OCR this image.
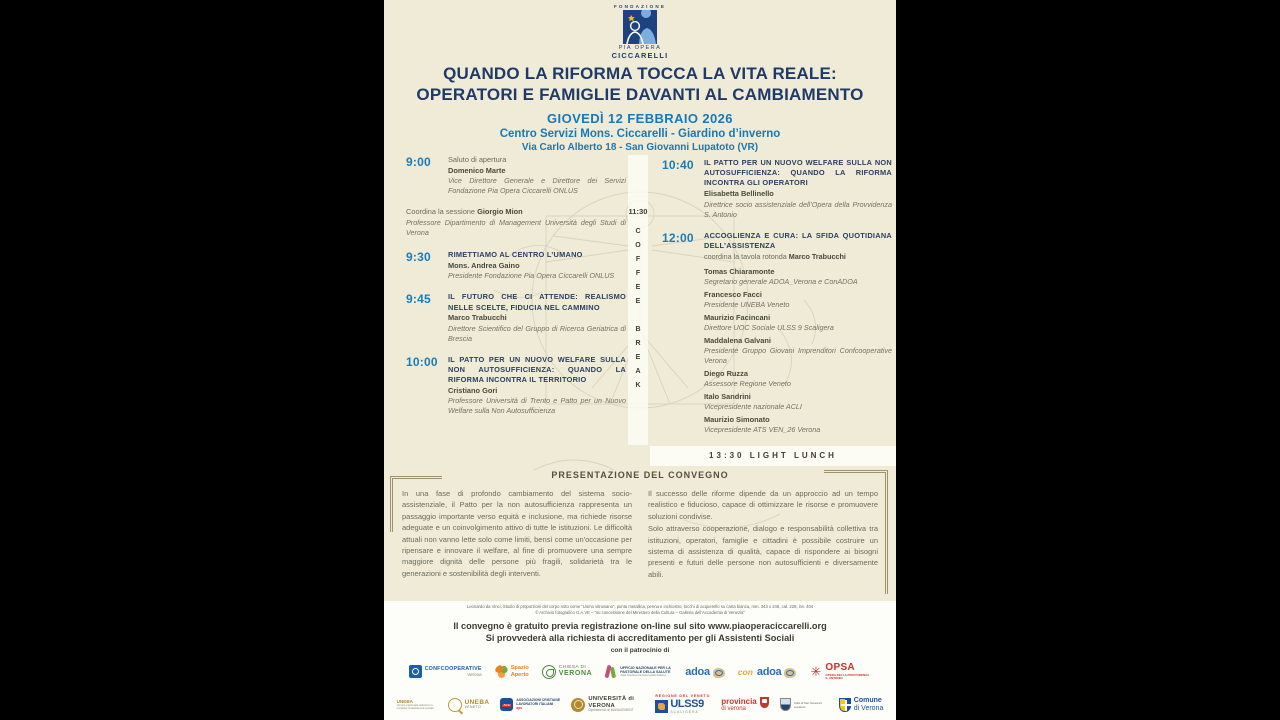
FONDAZIONE
PIA OPERA
CICCARELLI
QUANDO LA RIFORMA TOCCA LA VITA REALE:
OPERATORI E FAMIGLIE DAVANTI AL CAMBIAMENTO
GIOVEDÌ 12 FEBBRAIO 2026
Centro Servizi Mons. Ciccarelli - Giardino d’inverno
Via Carlo Alberto 18 - San Giovanni Lupatoto (VR)
9:00	Saluto di apertura
Domenico Marte
Vice Direttore Generale e Direttore dei Servizi Fondazione Pia Opera Ciccarelli ONLUS
Coordina la sessione Giorgio Mion
Professore Dipartimento di Management Università degli Studi di Verona
9:30	RIMETTIAMO AL CENTRO L’UMANO
Mons. Andrea Gaino
Presidente Fondazione Pia Opera Ciccarelli ONLUS
9:45	IL FUTURO CHE CI ATTENDE: REALISMO NELLE SCELTE, FIDUCIA NEL CAMMINO
Marco Trabucchi
Direttore Scientifico del Gruppo di Ricerca Geriatrica di Brescia
10:00	IL PATTO PER UN NUOVO WELFARE SULLA NON AUTOSUFFICIENZA: QUANDO LA RIFORMA INCONTRA IL TERRITORIO
Cristiano Gori
Professore Università di Trento e Patto per un Nuovo Welfare sulla Non Autosufficienza
11:30
COFFEE
BREAK
10:40	IL PATTO PER UN NUOVO WELFARE SULLA NON AUTOSUFFICIENZA: QUANDO LA RIFORMA INCONTRA GLI OPERATORI
Elisabetta Bellinello
Direttrice socio assistenziale dell’Opera della Provvidenza S. Antonio
12:00	ACCOGLIENZA E CURA: LA SFIDA QUOTIDIANA DELL’ASSISTENZA
coordina la tavola rotonda Marco Trabucchi
Tomas Chiaramonte
Segretario generale ADOA_Verona e ConADOA
Francesco Facci
Presidente UNEBA Veneto
Maurizio Facincani
Direttore UOC Sociale ULSS 9 Scaligera
Maddalena Galvani
Presidente Gruppo Giovani Imprenditori Confcooperative Verona
Diego Ruzza
Assessore Regione Veneto
Italo Sandrini
Vicepresidente nazionale ACLI
Maurizio Simonato
Vicepresidente ATS VEN_26 Verona
13:30 LIGHT LUNCH
PRESENTAZIONE DEL CONVEGNO
In una fase di profondo cambiamento del sistema socio-assistenziale, il Patto per la non autosufficienza rappresenta un passaggio importante verso equità e inclusione, ma richiede risorse adeguate e un coinvolgimento attivo di tutte le istituzioni. Le difficoltà attuali non vanno lette solo come limiti, bensì come un'occasione per ripensare e innovare il welfare, al fine di promuovere una sempre maggiore dignità delle persone più fragili, solidarietà tra le generazioni e sostenibilità degli interventi.

Il successo delle riforme dipende da un approccio ad un tempo realistico e fiducioso, capace di ottimizzare le risorse e promuovere soluzioni condivise.

Solo attraverso cooperazione, dialogo e responsabilità collettiva tra istituzioni, operatori, famiglie e cittadini è possibile costruire un sistema di assistenza di qualità, capace di rispondere ai bisogni presenti e futuri delle persone non autosufficienti e diversamente abili.

Leonardo da Vinci, Studio di proporzioni del corpo noto come “Uomo vitruviano”, punta metallica, penna e inchiostro, tocchi di acquerello su carta bianca, mm. 343 x 246, cat. 228, inv. 404
© Archivio fotografico G.A.VE – “su concessione del Ministero della Cultura – Galleria dell’Accademia di Venezia”
Il convegno è gratuito previa registrazione on-line sul sito www.piaoperaciccarelli.org
Si provvederà alla richiesta di accreditamento per gli Assistenti Sociali
con il patrocinio di
CONFCOOPERATIVE
Verona
Spazio
Aperto
CHIESA DI
VERONA
UFFICIO NAZIONALE PER LA PASTORALE DELLA SALUTE
della Conferenza Episcopale Italiana	adoa	con adoa ✳ OPSA
OPERA DELLA PROVVIDENZA S. ANTONIO
UNEBA
Unione nazionale istituzioni e iniziative di assistenza sociale
UNEBA
VENETO
ACLI
ASSOCIAZIONI CRISTIANE LAVORATORI ITALIANI
aps
UNIVERSITÀ di VERONA
Dipartimento di MANAGEMENT
REGIONE DEL VENETO
ULSS9
SCALIGERA
provincia
di verona
Città di San Giovanni Lupatoto
Comune
di Verona
